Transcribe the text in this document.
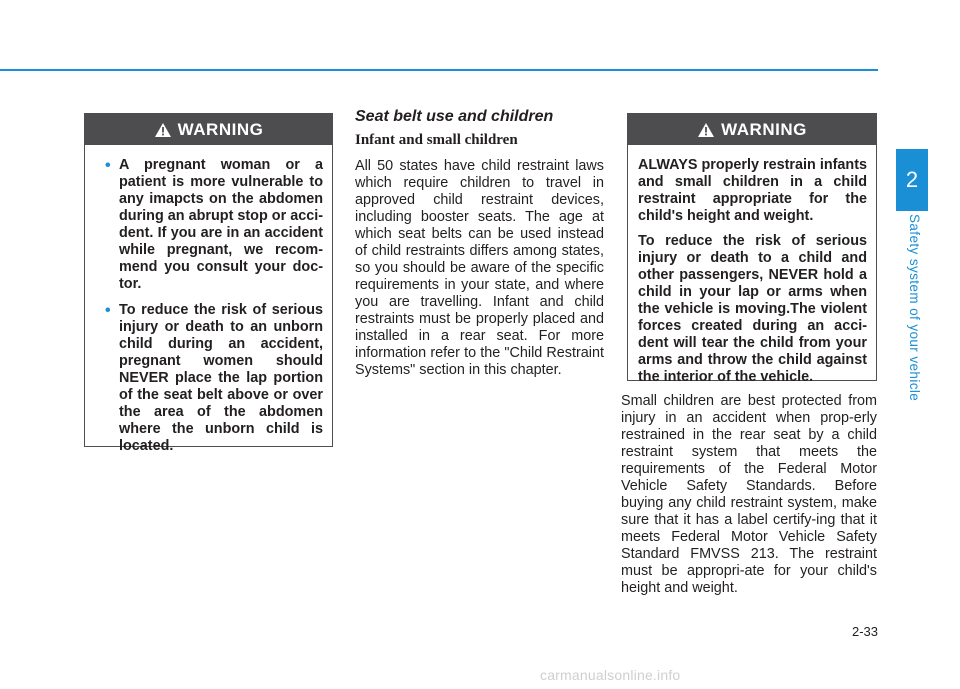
2
Safety system of your vehicle
WARNING
• A pregnant woman or a patient is more vulnerable to any imapcts on the abdomen during an abrupt stop or acci-dent. If you are in an accident while pregnant, we recom-mend you consult your doc-tor.
• To reduce the risk of serious injury or death to an unborn child during an accident, pregnant women should NEVER place the lap portion of the seat belt above or over the area of the abdomen where the unborn child is located.
Seat belt use and children
Infant and small children

All 50 states have child restraint laws which require children to travel in approved child restraint devices, including booster seats. The age at which seat belts can be used instead of child restraints differs among states, so you should be aware of the specific requirements in your state, and where you are travelling. Infant and child restraints must be properly placed and installed in a rear seat. For more information refer to the "Child Restraint Systems" section in this chapter.

WARNING

ALWAYS properly restrain infants and small children in a child restraint appropriate for the child's height and weight.

To reduce the risk of serious injury or death to a child and other passengers, NEVER hold a child in your lap or arms when the vehicle is moving.The violent forces created during an acci-dent will tear the child from your arms and throw the child against the interior of the vehicle.

Small children are best protected from injury in an accident when prop-erly restrained in the rear seat by a child restraint system that meets the requirements of the Federal Motor Vehicle Safety Standards. Before buying any child restraint system, make sure that it has a label certify-ing that it meets Federal Motor Vehicle Safety Standard FMVSS 213. The restraint must be appropri-ate for your child's height and weight.

2-33
carmanualsonline.info
